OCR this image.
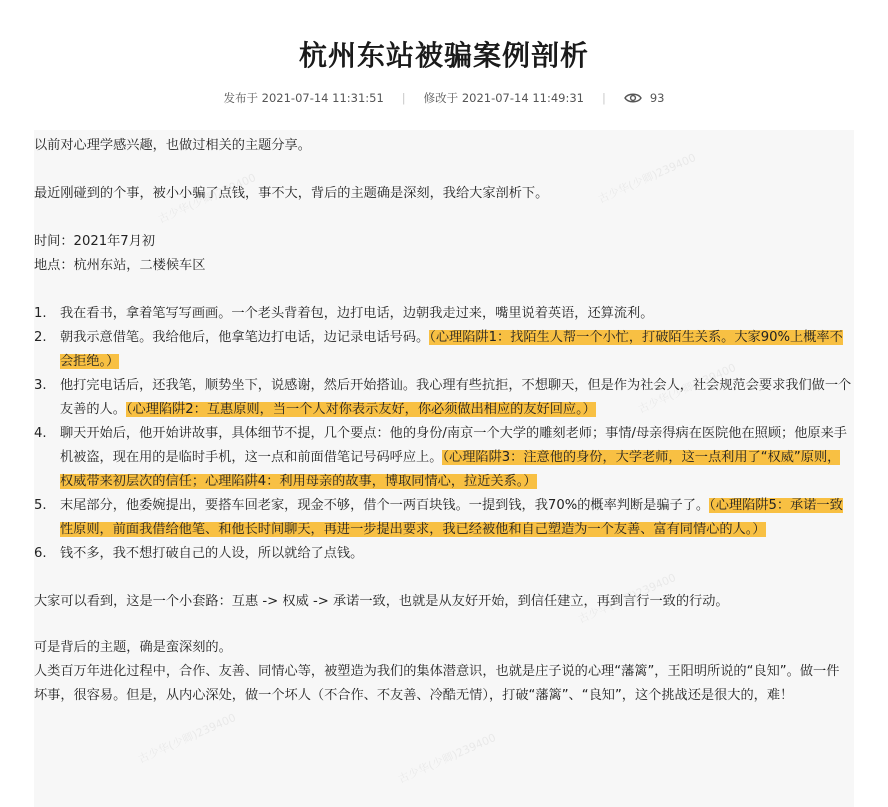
杭州东站被骗案例剖析
发布于 2021-07-14 11:31:51 | 修改于 2021-07-14 11:49:31 |	93
古少华(少卿)239400	古少华(少卿)239400
古少华(少卿)239400
古少华(少卿)239400
古少华(少卿)239400	古少华(少卿)239400

以前对心理学感兴趣，也做过相关的主题分享。

最近刚碰到的个事，被小小骗了点钱，事不大，背后的主题确是深刻，我给大家剖析下。

时间：2021年7月初

地点：杭州东站，二楼候车区

1. 我在看书，拿着笔写写画画。一个老头背着包，边打电话，边朝我走过来，嘴里说着英语，还算流利。
2. 朝我示意借笔。我给他后，他拿笔边打电话，边记录电话号码。（心理陷阱1：找陌生人帮一个小忙，打破陌生关系。大家90%上概率不会拒绝。）
3. 他打完电话后，还我笔，顺势坐下，说感谢，然后开始搭讪。我心理有些抗拒，不想聊天，但是作为社会人，社会规范会要求我们做一个友善的人。（心理陷阱2：互惠原则，当一个人对你表示友好，你必须做出相应的友好回应。）
4. 聊天开始后，他开始讲故事，具体细节不提，几个要点：他的身份/南京一个大学的雕刻老师；事情/母亲得病在医院他在照顾；他原来手机被盗，现在用的是临时手机，这一点和前面借笔记号码呼应上。（心理陷阱3：注意他的身份，大学老师，这一点利用了“权威”原则，权威带来初层次的信任；心理陷阱4：利用母亲的故事，博取同情心，拉近关系。）
5. 末尾部分，他委婉提出，要搭车回老家，现金不够，借个一两百块钱。一提到钱，我70%的概率判断是骗子了。（心理陷阱5：承诺一致性原则，前面我借给他笔、和他长时间聊天，再进一步提出要求，我已经被他和自己塑造为一个友善、富有同情心的人。）
6. 钱不多，我不想打破自己的人设，所以就给了点钱。

大家可以看到，这是一个小套路：互惠 -> 权威 -> 承诺一致，也就是从友好开始，到信任建立，再到言行一致的行动。

可是背后的主题，确是蛮深刻的。

人类百万年进化过程中，合作、友善、同情心等，被塑造为我们的集体潜意识，也就是庄子说的心理“藩篱”，王阳明所说的“良知”。做一件坏事，很容易。但是，从内心深处，做一个坏人（不合作、不友善、冷酷无情），打破“藩篱”、“良知”，这个挑战还是很大的，难！
